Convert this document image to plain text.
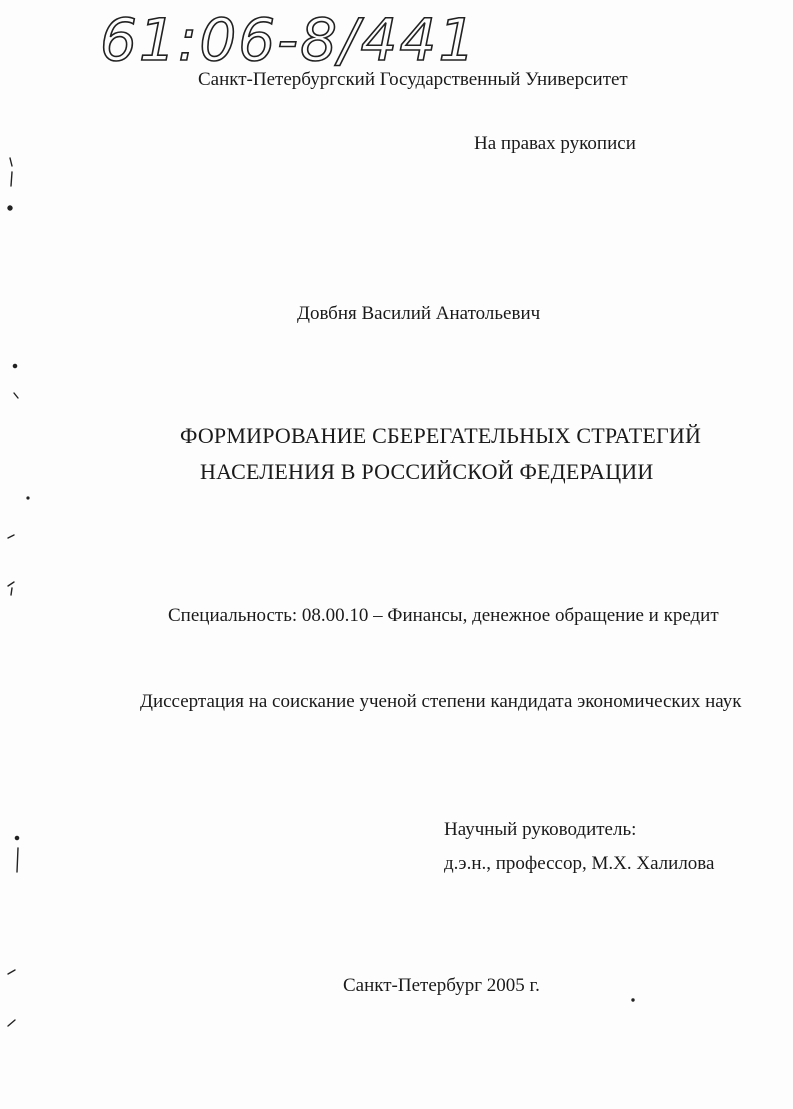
61:06-8/441
Санкт-Петербургский Государственный Университет
На правах рукописи
Довбня Василий Анатольевич
ФОРМИРОВАНИЕ СБЕРЕГАТЕЛЬНЫХ СТРАТЕГИЙ
НАСЕЛЕНИЯ В РОССИЙСКОЙ ФЕДЕРАЦИИ
Специальность: 08.00.10 – Финансы, денежное обращение и кредит
Диссертация на соискание ученой степени кандидата экономических наук
Научный руководитель:
д.э.н., профессор, М.Х. Халилова
Санкт-Петербург 2005 г.
